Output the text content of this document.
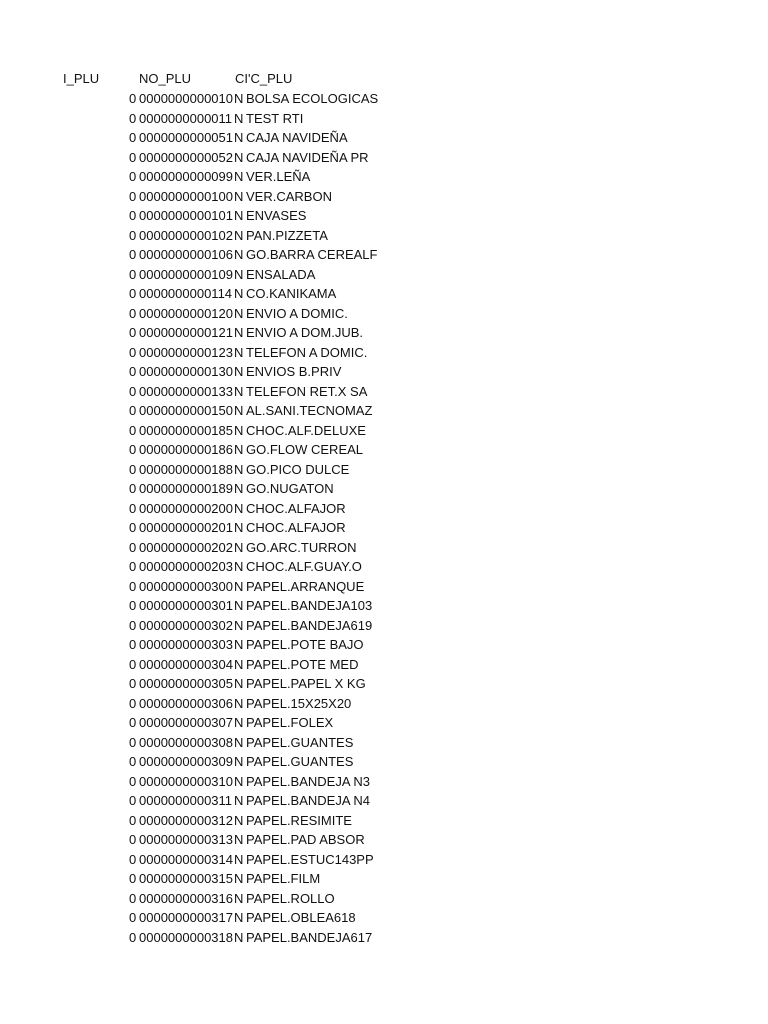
I_PLU	NO_PLU	CI'C_PLU
0 0000000000010 N BOLSA ECOLOGICAS
0 0000000000011 N TEST RTI
0 0000000000051 N CAJA NAVIDEÑA
0 0000000000052 N CAJA NAVIDEÑA PR
0 0000000000099 N VER.LEÑA
0 0000000000100 N VER.CARBON
0 0000000000101 N ENVASES
0 0000000000102 N PAN.PIZZETA
0 0000000000106 N GO.BARRA CEREALF
0 0000000000109 N ENSALADA
0 0000000000114 N CO.KANIKAMA
0 0000000000120 N ENVIO A DOMIC.
0 0000000000121 N ENVIO A DOM.JUB.
0 0000000000123 N TELEFON A DOMIC.
0 0000000000130 N ENVIOS B.PRIV
0 0000000000133 N TELEFON RET.X SA
0 0000000000150 N AL.SANI.TECNOMAZ
0 0000000000185 N CHOC.ALF.DELUXE
0 0000000000186 N GO.FLOW CEREAL
0 0000000000188 N GO.PICO DULCE
0 0000000000189 N GO.NUGATON
0 0000000000200 N CHOC.ALFAJOR
0 0000000000201 N CHOC.ALFAJOR
0 0000000000202 N GO.ARC.TURRON
0 0000000000203 N CHOC.ALF.GUAY.O
0 0000000000300 N PAPEL.ARRANQUE
0 0000000000301 N PAPEL.BANDEJA103
0 0000000000302 N PAPEL.BANDEJA619
0 0000000000303 N PAPEL.POTE BAJO
0 0000000000304 N PAPEL.POTE MED
0 0000000000305 N PAPEL.PAPEL X KG
0 0000000000306 N PAPEL.15X25X20
0 0000000000307 N PAPEL.FOLEX
0 0000000000308 N PAPEL.GUANTES
0 0000000000309 N PAPEL.GUANTES
0 0000000000310 N PAPEL.BANDEJA N3
0 0000000000311 N PAPEL.BANDEJA N4
0 0000000000312 N PAPEL.RESIMITE
0 0000000000313 N PAPEL.PAD ABSOR
0 0000000000314 N PAPEL.ESTUC143PP
0 0000000000315 N PAPEL.FILM
0 0000000000316 N PAPEL.ROLLO
0 0000000000317 N PAPEL.OBLEA618
0 0000000000318 N PAPEL.BANDEJA617
